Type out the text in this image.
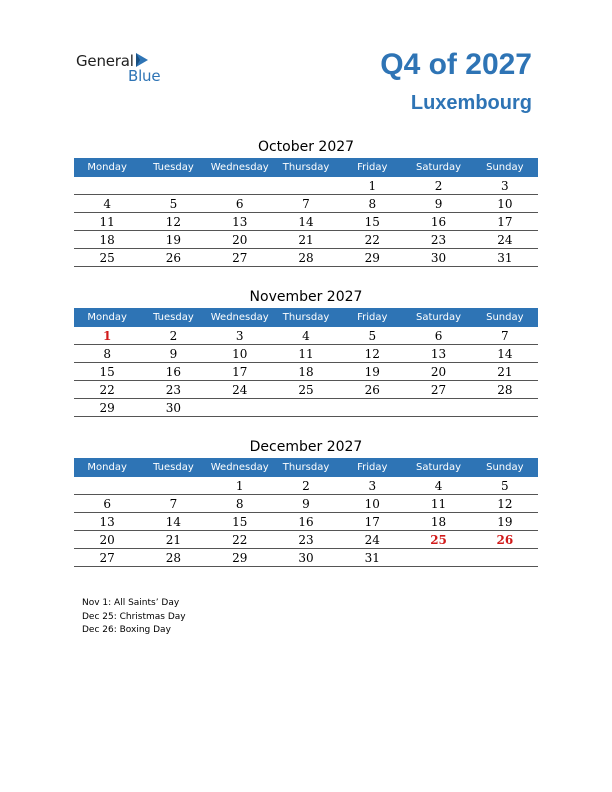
General
Blue	Q4 of 2027
Luxembourg
October 2027
Monday	Tuesday	Wednesday	Thursday	Friday	Saturday	Sunday
				1	2	3
4	5	6	7	8	9	10
11	12	13	14	15	16	17
18	19	20	21	22	23	24
25	26	27	28	29	30	31
November 2027
Monday	Tuesday	Wednesday	Thursday	Friday	Saturday	Sunday
1	2	3	4	5	6	7
8	9	10	11	12	13	14
15	16	17	18	19	20	21
22	23	24	25	26	27	28
29	30					
December 2027
Monday	Tuesday	Wednesday	Thursday	Friday	Saturday	Sunday
		1	2	3	4	5
6	7	8	9	10	11	12
13	14	15	16	17	18	19
20	21	22	23	24	25	26
27	28	29	30	31		
Nov 1: All Saints’ Day
Dec 25: Christmas Day
Dec 26: Boxing Day
